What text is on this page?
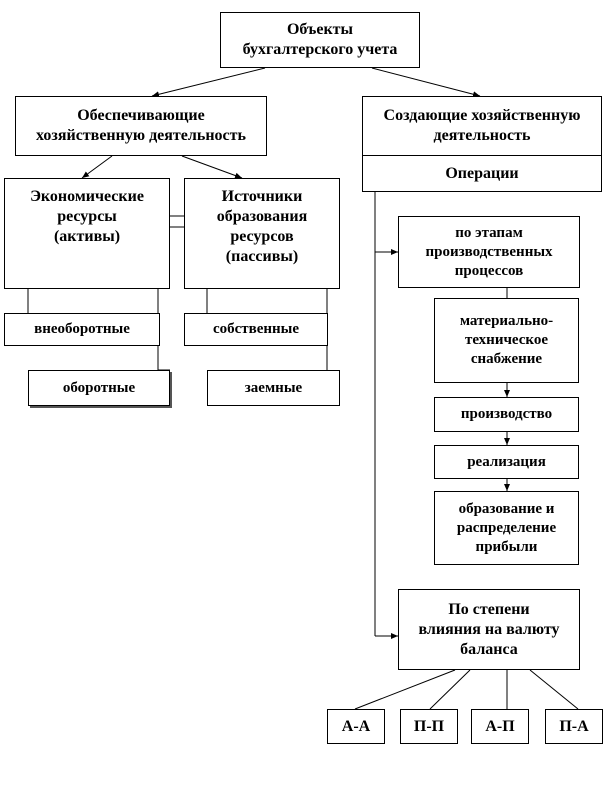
Объекты
бухгалтерского учета
Обеспечивающие
хозяйственную деятельность
Создающие хозяйственную
деятельность
Операции
Экономические
ресурсы
(активы)
Источники
образования
ресурсов
(пассивы)
внеоборотные
оборотные
собственные
заемные
по этапам
производственных
процессов
материально-
техническое
снабжение
производство
реализация
образование и
распределение
прибыли
По степени
влияния на валюту
баланса
А-А	П-П	А-П	П-А
